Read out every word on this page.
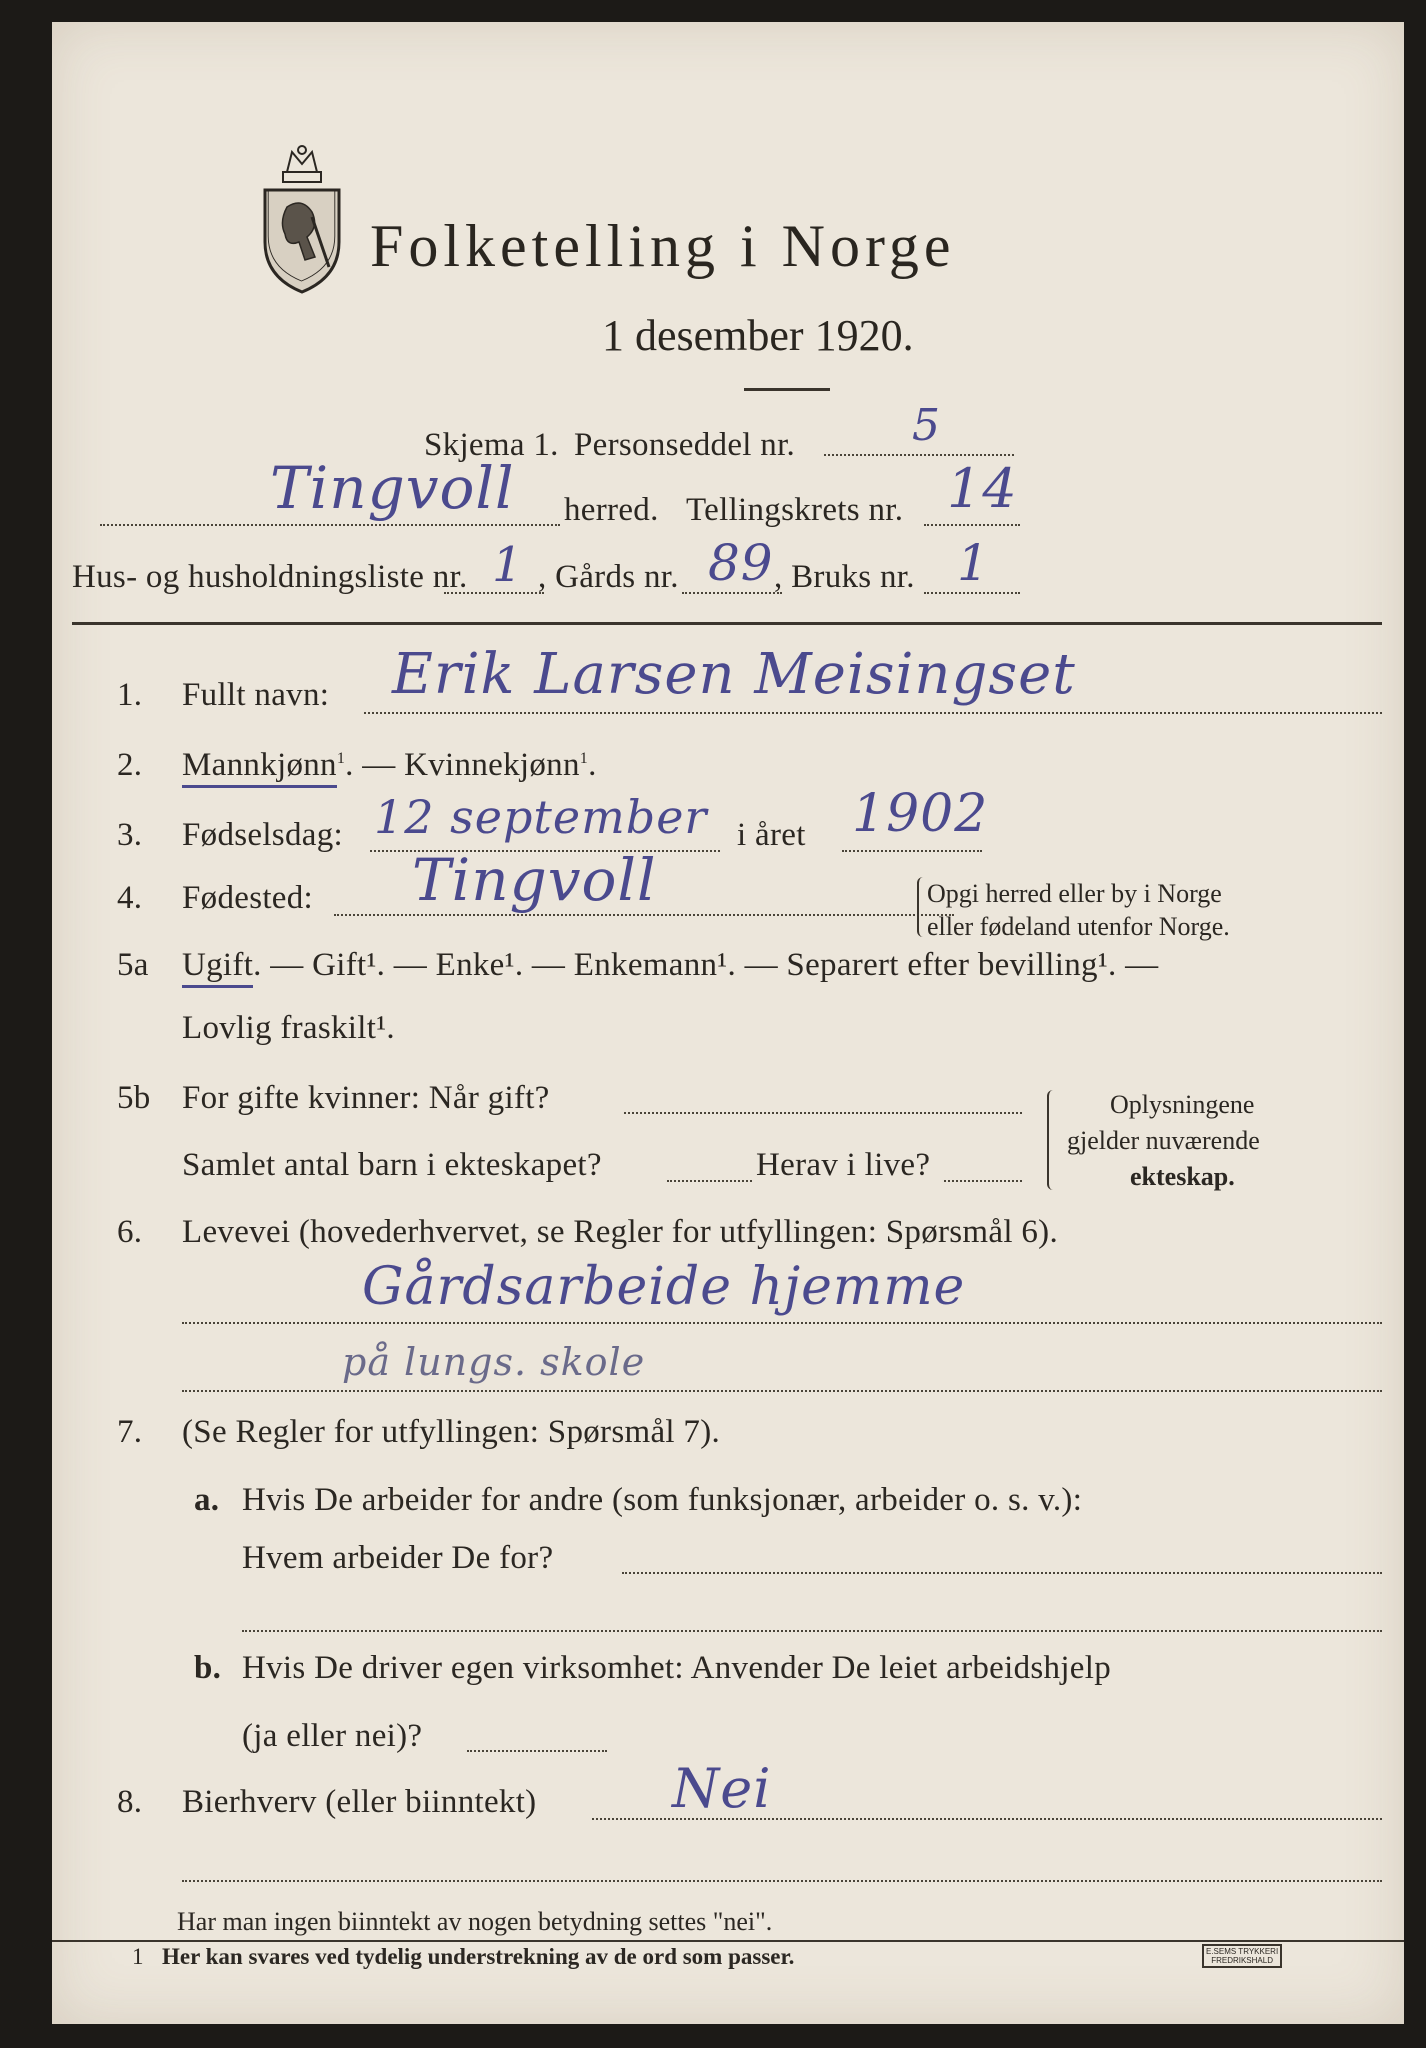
Folketelling i Norge
1 desember 1920.
Skjema 1. Personseddel nr.	5
Tingvoll herred. Tellingskrets nr. 14
Hus- og husholdningsliste nr. 1 , Gårds nr. 89 , Bruks nr. 1
1. Fullt navn: Erik Larsen Meisingset
2. Mannkjønn$^1$. — Kvinnekjønn$^1$.
3. Fødselsdag: 12 september i året 1902
4. Fødested: Tingvoll	Opgi herred eller by i Norge
eller fødeland utenfor Norge.
5a Ugift. — Gift¹. — Enke¹. — Enkemann¹. — Separert efter bevilling¹. —
Lovlig fraskilt¹.
5b For gifte kvinner: Når gift?
Samlet antal barn i ekteskapet?	Herav i live?
Oplysningene
gjelder nuværende
ekteskap.
6. Levevei (hovederhvervet, se Regler for utfyllingen: Spørsmål 6).
Gårdsarbeide hjemme
på lungs. skole
7. (Se Regler for utfyllingen: Spørsmål 7).
a. Hvis De arbeider for andre (som funksjonær, arbeider o. s. v.):
Hvem arbeider De for?
b. Hvis De driver egen virksomhet: Anvender De leiet arbeidshjelp
(ja eller nei)?
8. Bierhverv (eller biinntekt)	Nei
Har man ingen biinntekt av nogen betydning settes "nei".
1 Her kan svares ved tydelig understrekning av de ord som passer.	E.SEMS TRYKKERI
FREDRIKSHALD
